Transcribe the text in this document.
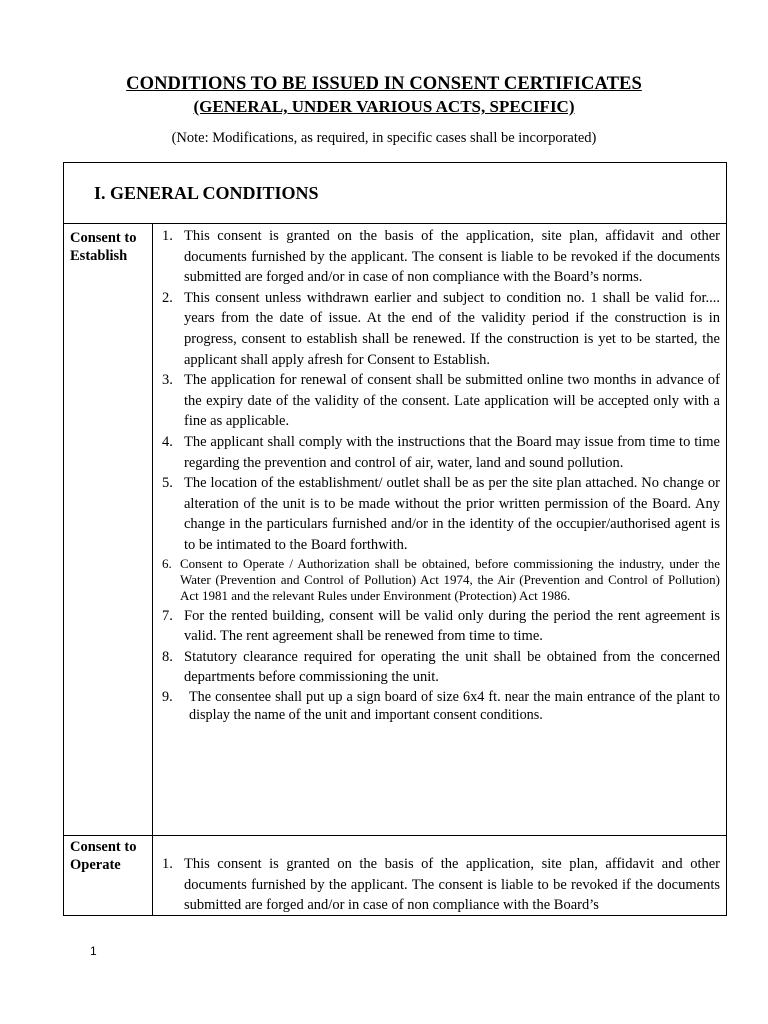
CONDITIONS TO BE ISSUED IN CONSENT CERTIFICATES
(GENERAL, UNDER VARIOUS ACTS, SPECIFIC)
(Note: Modifications, as required, in specific cases shall be incorporated)
I. GENERAL CONDITIONS
Consent to
Establish
1. This consent is granted on the basis of the application, site plan, affidavit and other documents furnished by the applicant. The consent is liable to be revoked if the documents submitted are forged and/or in case of non compliance with the Board’s norms.
2. This consent unless withdrawn earlier and subject to condition no. 1 shall be valid for.... years from the date of issue. At the end of the validity period if the construction is in progress, consent to establish shall be renewed. If the construction is yet to be started, the applicant shall apply afresh for Consent to Establish.
3. The application for renewal of consent shall be submitted online two months in advance of the expiry date of the validity of the consent. Late application will be accepted only with a fine as applicable.
4. The applicant shall comply with the instructions that the Board may issue from time to time regarding the prevention and control of air, water, land and sound pollution.
5. The location of the establishment/ outlet shall be as per the site plan attached. No change or alteration of the unit is to be made without the prior written permission of the Board. Any change in the particulars furnished and/or in the identity of the occupier/authorised agent is to be intimated to the Board forthwith.
6. Consent to Operate / Authorization shall be obtained, before commissioning the industry, under the Water (Prevention and Control of Pollution) Act 1974, the Air (Prevention and Control of Pollution) Act 1981 and the relevant Rules under Environment (Protection) Act 1986.
7. For the rented building, consent will be valid only during the period the rent agreement is valid. The rent agreement shall be renewed from time to time.
8. Statutory clearance required for operating the unit shall be obtained from the concerned departments before commissioning the unit.
9. The consentee shall put up a sign board of size 6x4 ft. near the main entrance of the plant to display the name of the unit and important consent conditions.
Consent to
Operate	1. This consent is granted on the basis of the application, site plan, affidavit and other documents furnished by the applicant. The consent is liable to be revoked if the documents submitted are forged and/or in case of non compliance with the Board’s
1
